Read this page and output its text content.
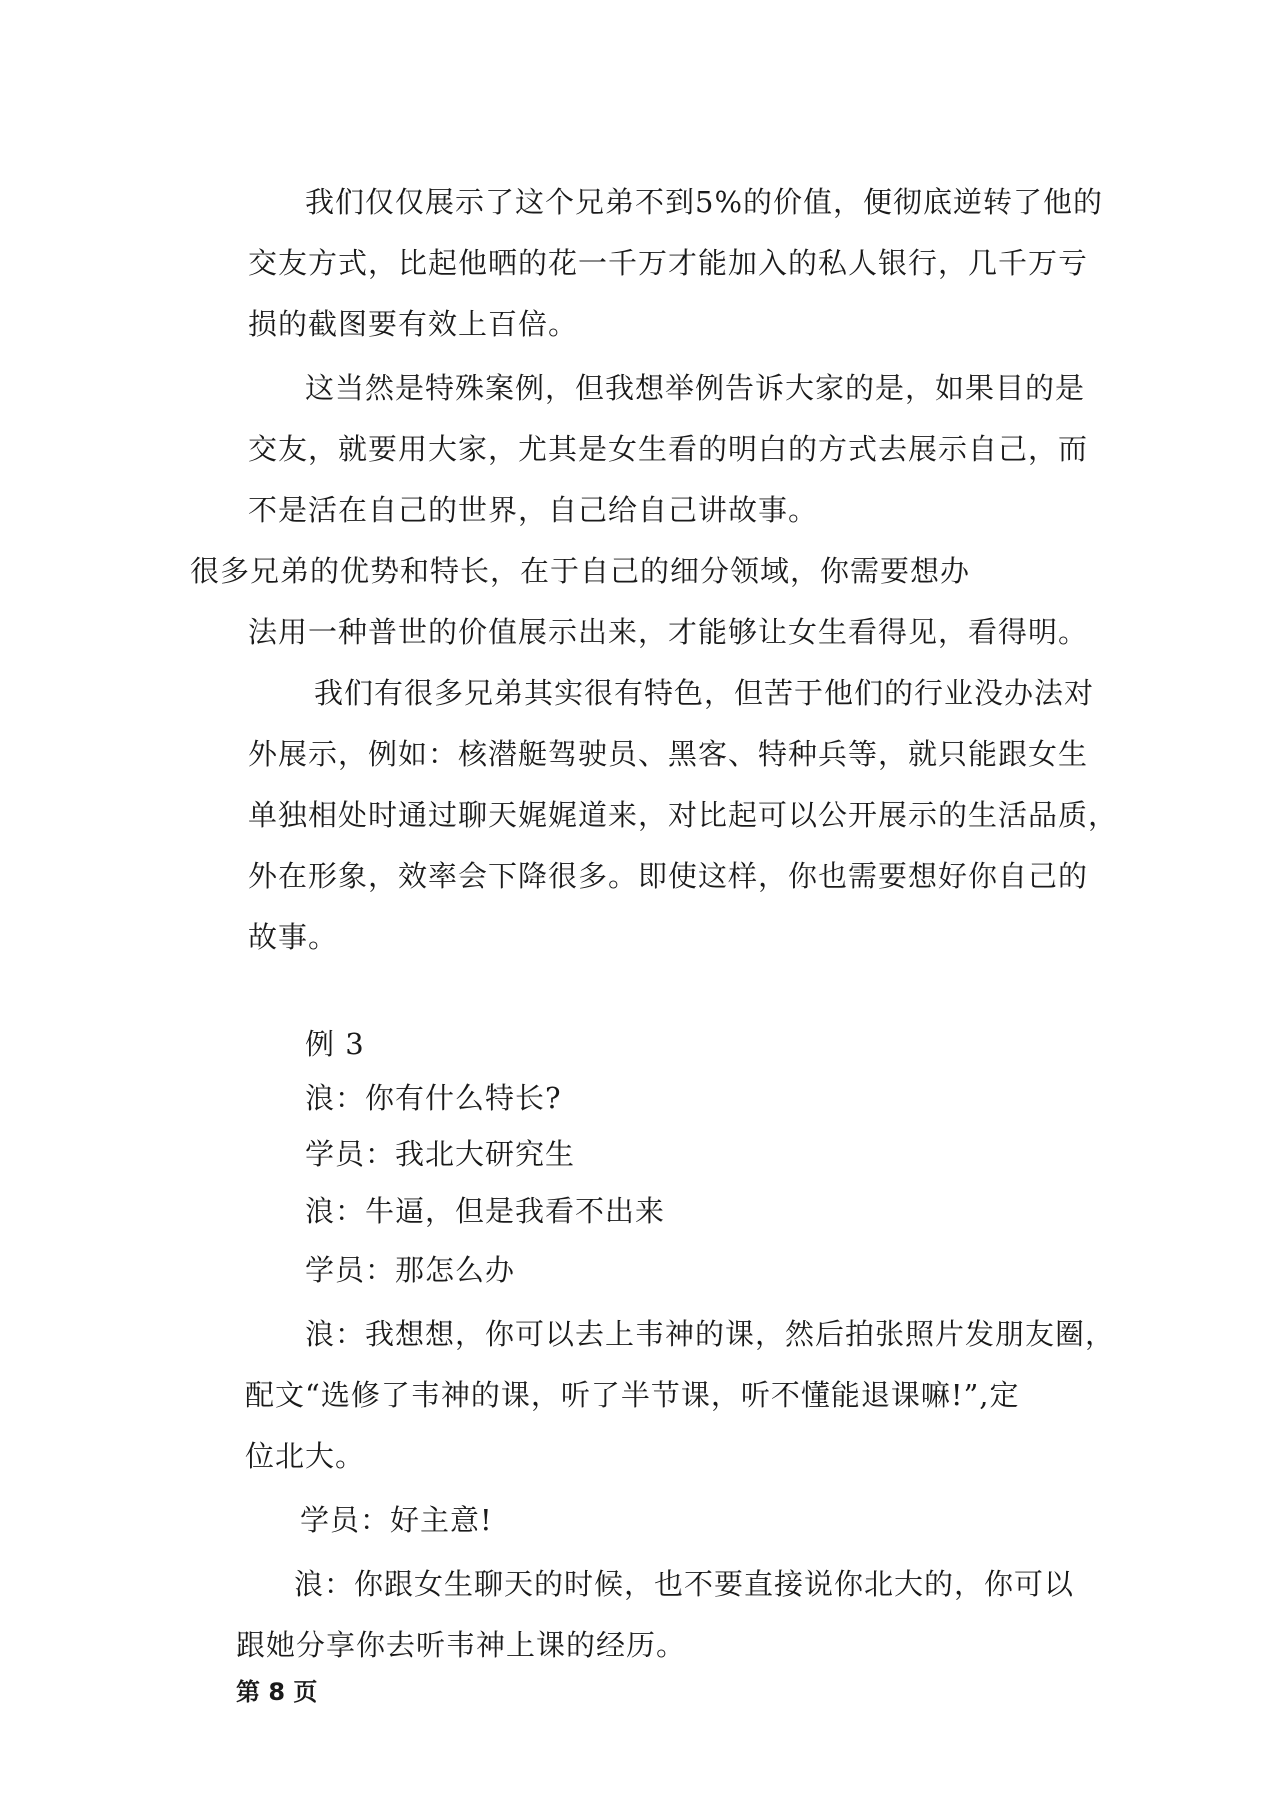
我们仅仅展示了这个兄弟不到5%的价值，便彻底逆转了他的
交友方式，比起他晒的花一千万才能加入的私人银行，几千万亏
损的截图要有效上百倍。
这当然是特殊案例，但我想举例告诉大家的是，如果目的是
交友，就要用大家，尤其是女生看的明白的方式去展示自己，而
不是活在自己的世界，自己给自己讲故事。
很多兄弟的优势和特长，在于自己的细分领域，你需要想办
法用一种普世的价值展示出来，才能够让女生看得见，看得明。
我们有很多兄弟其实很有特色，但苦于他们的行业没办法对
外展示，例如：核潜艇驾驶员、黑客、特种兵等，就只能跟女生
单独相处时通过聊天娓娓道来，对比起可以公开展示的生活品质，
外在形象，效率会下降很多。即使这样，你也需要想好你自己的
故事。
例 3
浪：你有什么特长?
学员：我北大研究生
浪：牛逼，但是我看不出来
学员：那怎么办
浪：我想想，你可以去上韦神的课，然后拍张照片发朋友圈，
配文“选修了韦神的课，听了半节课，听不懂能退课嘛!”,定
位北大。
学员：好主意!
浪：你跟女生聊天的时候，也不要直接说你北大的，你可以
跟她分享你去听韦神上课的经历。
第 8 页
